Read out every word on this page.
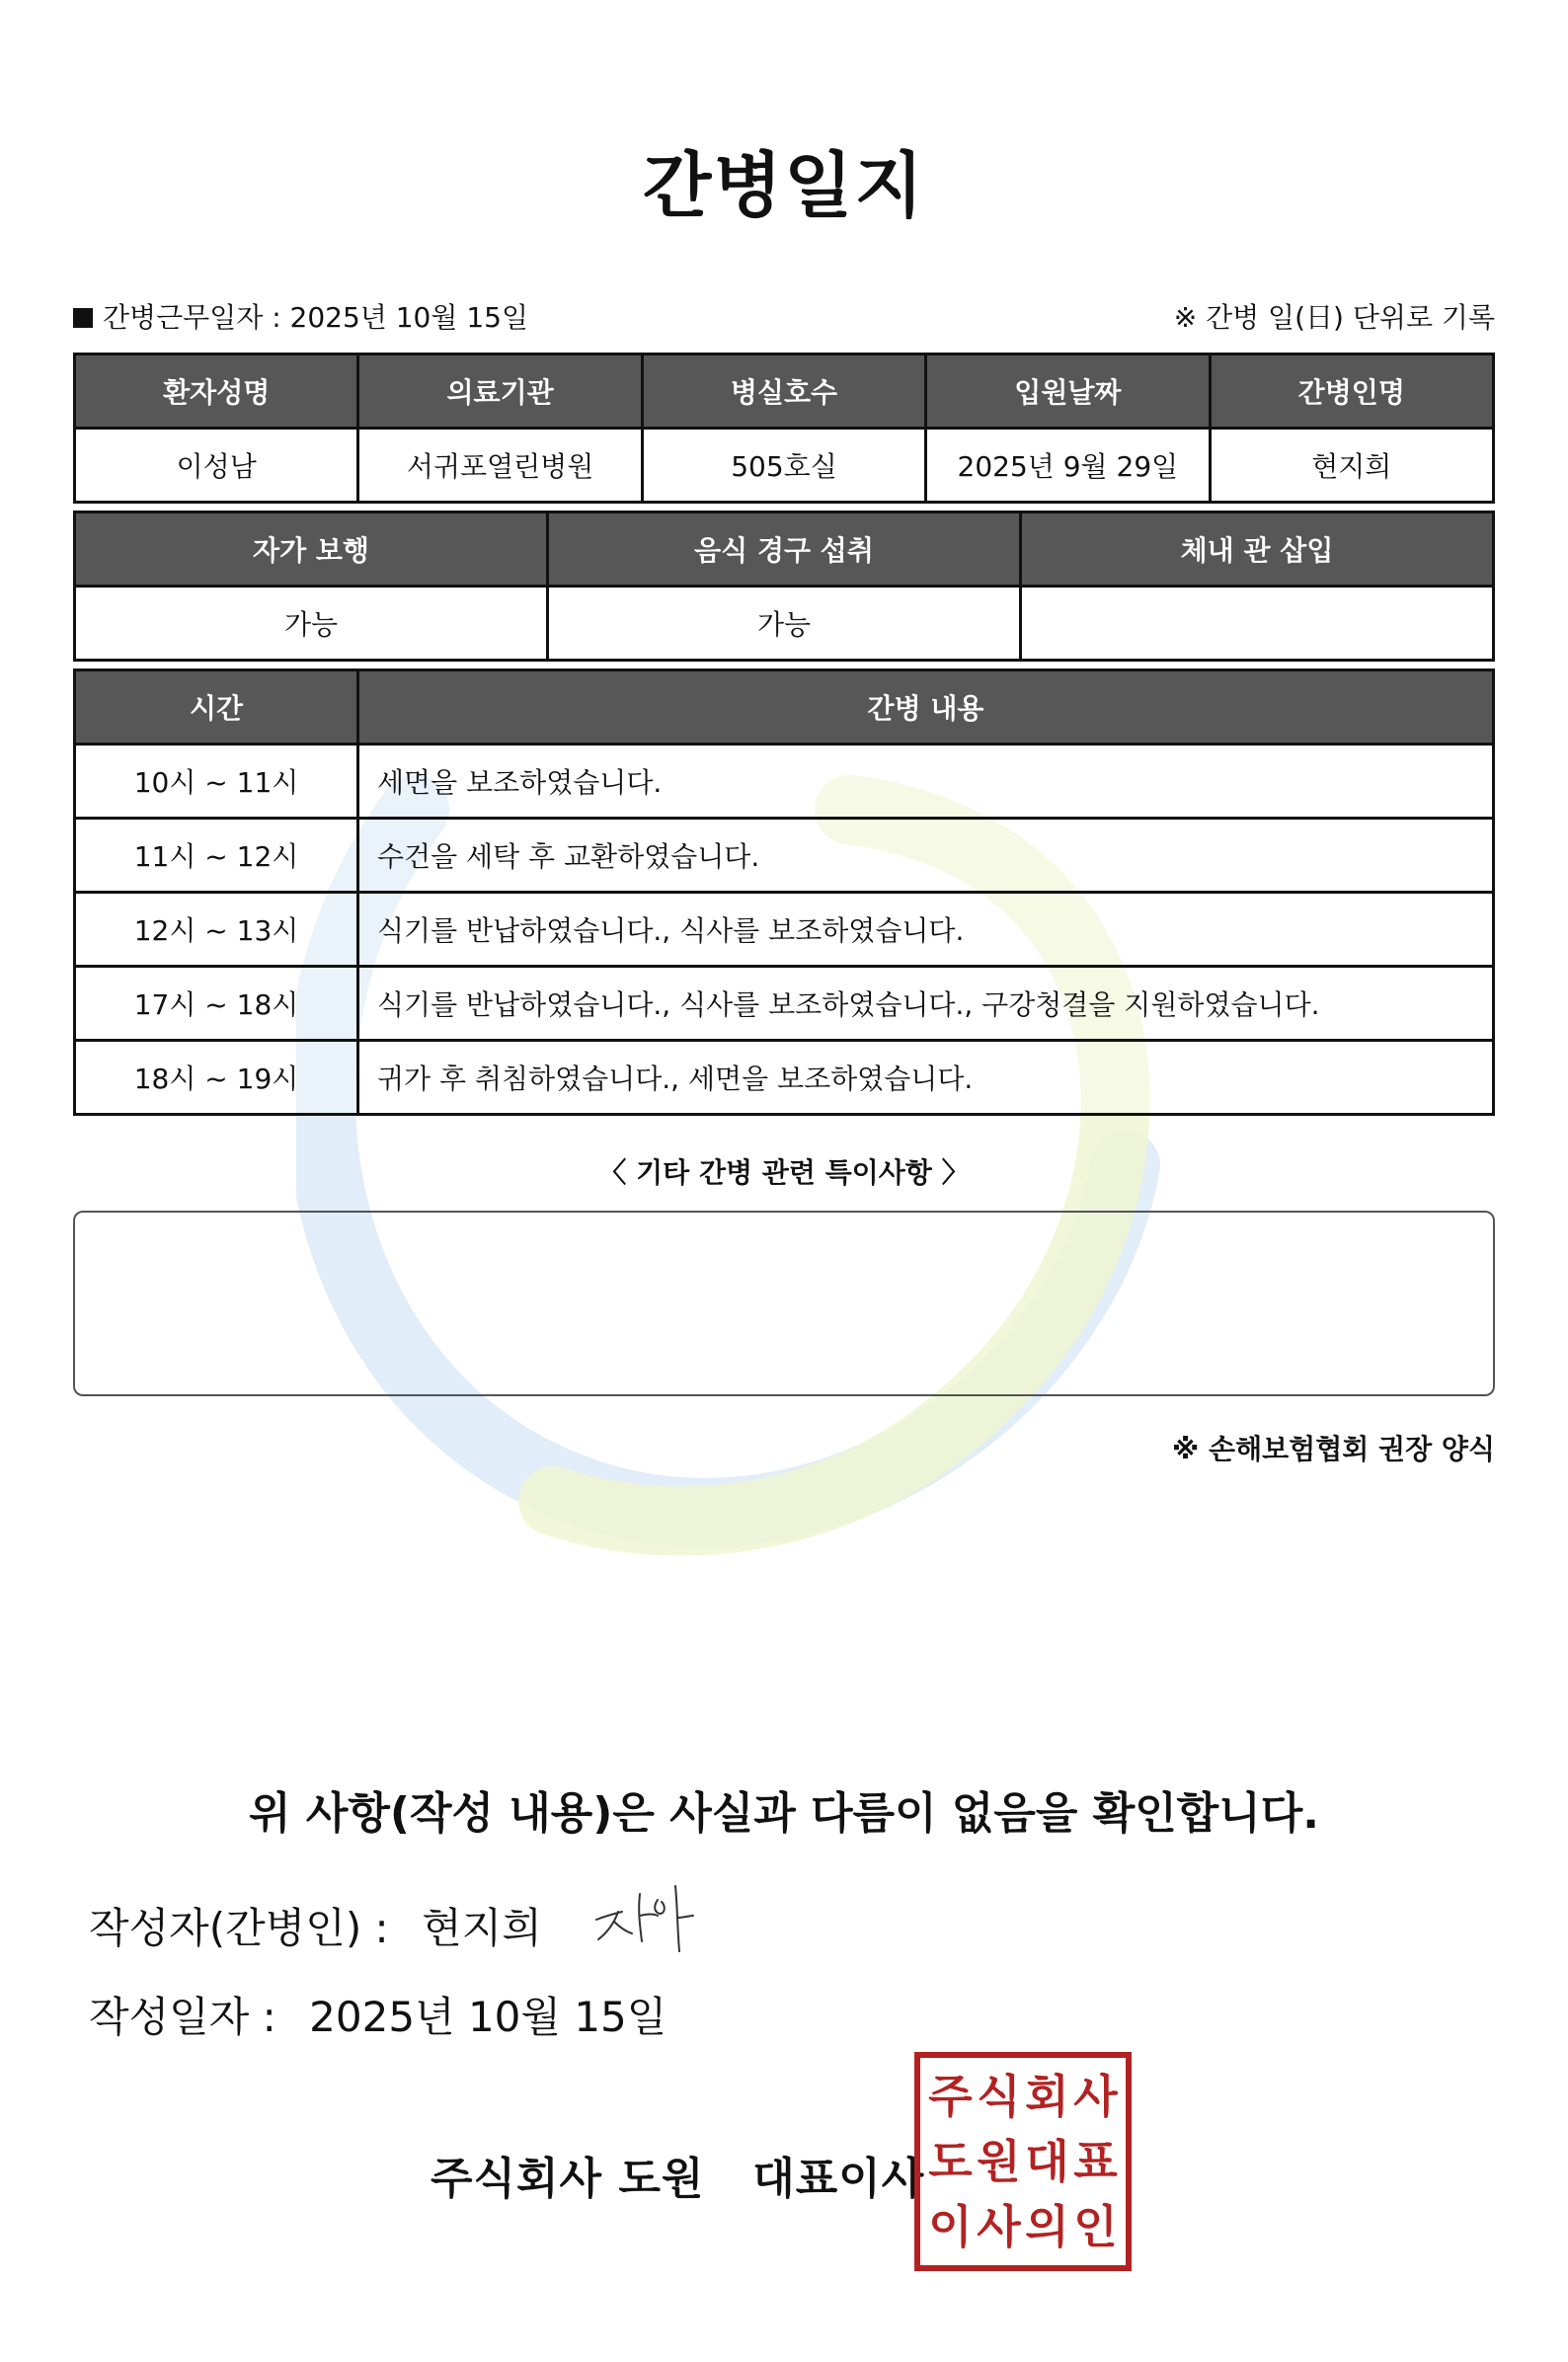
간병일지
간병근무일자 : 2025년 10월 15일	※ 간병 일(日) 단위로 기록
환자성명	의료기관	병실호수	입원날짜	간병인명
이성남	서귀포열린병원	505호실	2025년 9월 29일	현지희
자가 보행	음식 경구 섭취	체내 관 삽입
가능	가능	
시간	간병 내용
10시 ~ 11시	세면을 보조하였습니다.
11시 ~ 12시	수건을 세탁 후 교환하였습니다.
12시 ~ 13시	식기를 반납하였습니다., 식사를 보조하였습니다.
17시 ~ 18시	식기를 반납하였습니다., 식사를 보조하였습니다., 구강청결을 지원하였습니다.
18시 ~ 19시	귀가 후 취침하였습니다., 세면을 보조하였습니다.
〈 기타 간병 관련 특이사항 〉
※ 손해보험협회 권장 양식
위 사항(작성 내용)은 사실과 다름이 없음을 확인합니다.
작성자(간병인) : 현지희
작성일자 : 2025년 10월 15일
주식회사 도원   대표이사
주 식 회 사
도 원 대 표
이 사 의 인
